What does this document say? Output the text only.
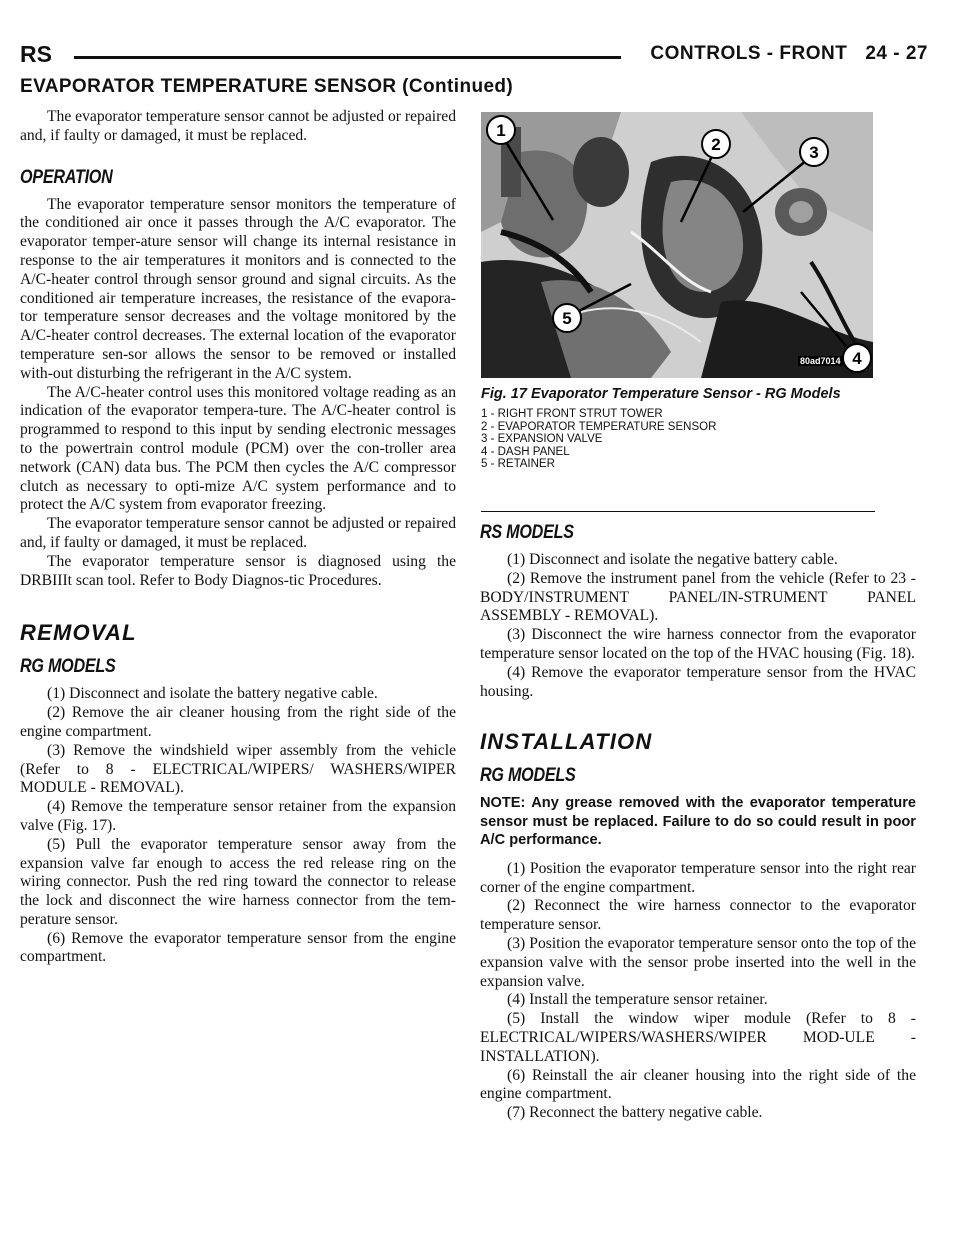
RS	CONTROLS - FRONT 24 - 27
EVAPORATOR TEMPERATURE SENSOR (Continued)

The evaporator temperature sensor cannot be adjusted or repaired and, if faulty or damaged, it must be replaced.

OPERATION

The evaporator temperature sensor monitors the temperature of the conditioned air once it passes through the A/C evaporator. The evaporator temper-ature sensor will change its internal resistance in response to the air temperatures it monitors and is connected to the A/C-heater control through sensor ground and signal circuits. As the conditioned air temperature increases, the resistance of the evapora-tor temperature sensor decreases and the voltage monitored by the A/C-heater control decreases. The external location of the evaporator temperature sen-sor allows the sensor to be removed or installed with-out disturbing the refrigerant in the A/C system.

The A/C-heater control uses this monitored voltage reading as an indication of the evaporator tempera-ture. The A/C-heater control is programmed to respond to this input by sending electronic messages to the powertrain control module (PCM) over the con-troller area network (CAN) data bus. The PCM then cycles the A/C compressor clutch as necessary to opti-mize A/C system performance and to protect the A/C system from evaporator freezing.

The evaporator temperature sensor cannot be adjusted or repaired and, if faulty or damaged, it must be replaced.

The evaporator temperature sensor is diagnosed using the DRBIIIt scan tool. Refer to Body Diagnos-tic Procedures.

REMOVAL
RG MODELS

(1) Disconnect and isolate the battery negative cable.

(2) Remove the air cleaner housing from the right side of the engine compartment.

(3) Remove the windshield wiper assembly from the vehicle (Refer to 8 - ELECTRICAL/WIPERS/ WASHERS/WIPER MODULE - REMOVAL).

(4) Remove the temperature sensor retainer from the expansion valve (Fig. 17).

(5) Pull the evaporator temperature sensor away from the expansion valve far enough to access the red release ring on the wiring connector. Push the red ring toward the connector to release the lock and disconnect the wire harness connector from the tem-perature sensor.

(6) Remove the evaporator temperature sensor from the engine compartment.

1
2	3
4
5
80ad7014
Fig. 17 Evaporator Temperature Sensor - RG Models
1 - RIGHT FRONT STRUT TOWER
2 - EVAPORATOR TEMPERATURE SENSOR
3 - EXPANSION VALVE
4 - DASH PANEL
5 - RETAINER
RS MODELS

(1) Disconnect and isolate the negative battery cable.

(2) Remove the instrument panel from the vehicle (Refer to 23 - BODY/INSTRUMENT PANEL/IN-STRUMENT PANEL ASSEMBLY - REMOVAL).

(3) Disconnect the wire harness connector from the evaporator temperature sensor located on the top of the HVAC housing (Fig. 18).

(4) Remove the evaporator temperature sensor from the HVAC housing.

INSTALLATION
RG MODELS
NOTE: Any grease removed with the evaporator temperature sensor must be replaced. Failure to do so could result in poor A/C performance.

(1) Position the evaporator temperature sensor into the right rear corner of the engine compartment.

(2) Reconnect the wire harness connector to the evaporator temperature sensor.

(3) Position the evaporator temperature sensor onto the top of the expansion valve with the sensor probe inserted into the well in the expansion valve.

(4) Install the temperature sensor retainer.

(5) Install the window wiper module (Refer to 8 - ELECTRICAL/WIPERS/WASHERS/WIPER MOD-ULE - INSTALLATION).

(6) Reinstall the air cleaner housing into the right side of the engine compartment.

(7) Reconnect the battery negative cable.
